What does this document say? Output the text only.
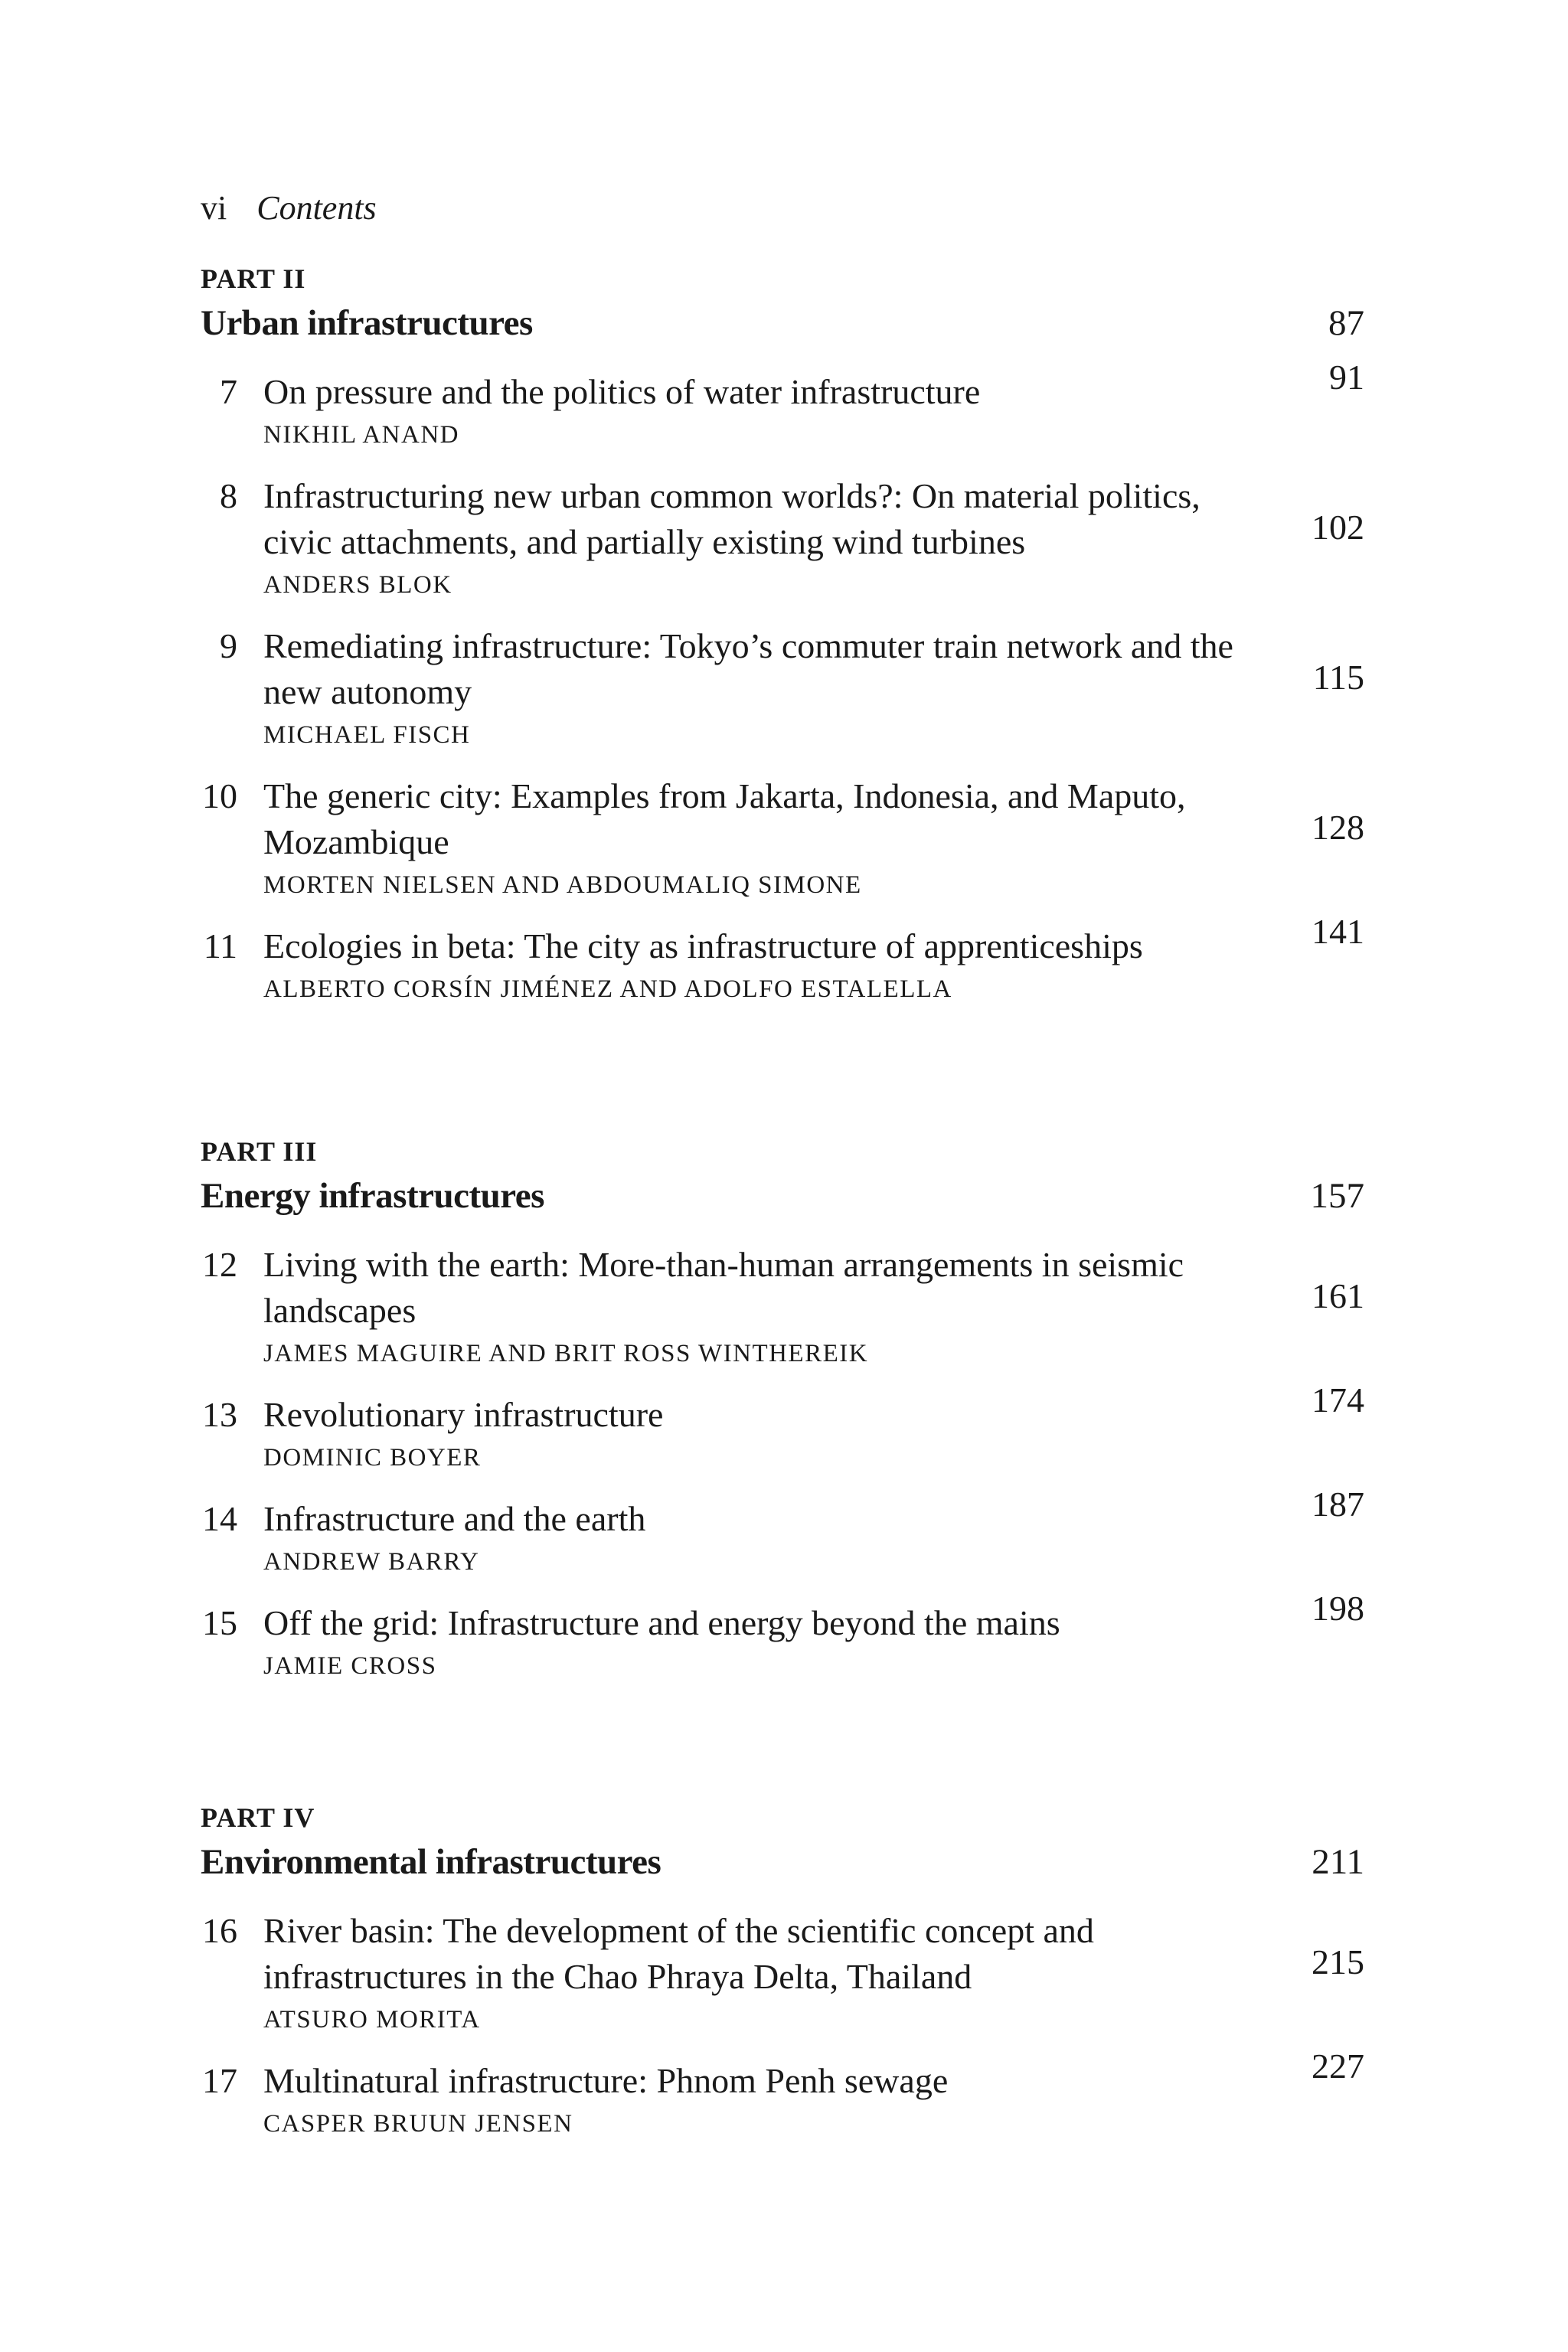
vi Contents
PART II
Urban infrastructures	87
7 On pressure and the politics of water infrastructure	91
NIKHIL ANAND
8 Infrastructuring new urban common worlds?: On material politics, civic attachments, and partially existing wind turbines	102
ANDERS BLOK
9 Remediating infrastructure: Tokyo’s commuter train network and the new autonomy	115
MICHAEL FISCH
10 The generic city: Examples from Jakarta, Indonesia, and Maputo, Mozambique	128
MORTEN NIELSEN AND ABDOUMALIQ SIMONE
11 Ecologies in beta: The city as infrastructure of apprenticeships	141
ALBERTO CORSÍN JIMÉNEZ AND ADOLFO ESTALELLA
PART III
Energy infrastructures	157
12 Living with the earth: More-than-human arrangements in seismic landscapes	161
JAMES MAGUIRE AND BRIT ROSS WINTHEREIK
13 Revolutionary infrastructure	174
DOMINIC BOYER
14 Infrastructure and the earth	187
ANDREW BARRY
15 Off the grid: Infrastructure and energy beyond the mains	198
JAMIE CROSS
PART IV
Environmental infrastructures	211
16 River basin: The development of the scientific concept and infrastructures in the Chao Phraya Delta, Thailand	215
ATSURO MORITA
17 Multinatural infrastructure: Phnom Penh sewage	227
CASPER BRUUN JENSEN
